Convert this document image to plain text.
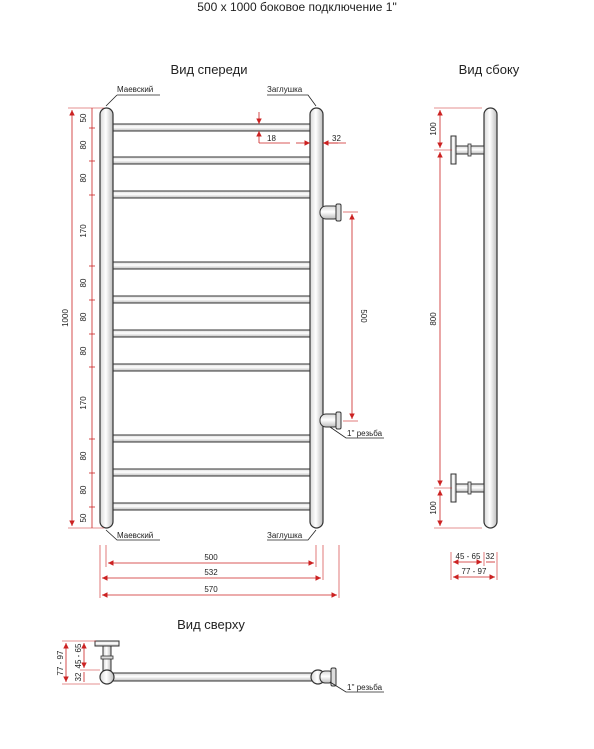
500 x 1000 боковое подключение 1"
Вид спереди	Вид сбоку
Вид сверху
Маевский	Заглушка
Маевский	Заглушка
1'' резьба
18	32
500
1000
50
80
80
170
80
80
80
170
80
80
50
500
532
570
100
800
100
45 - 65 32
77 - 97
1'' резьба
77 - 97 45 - 65
32
